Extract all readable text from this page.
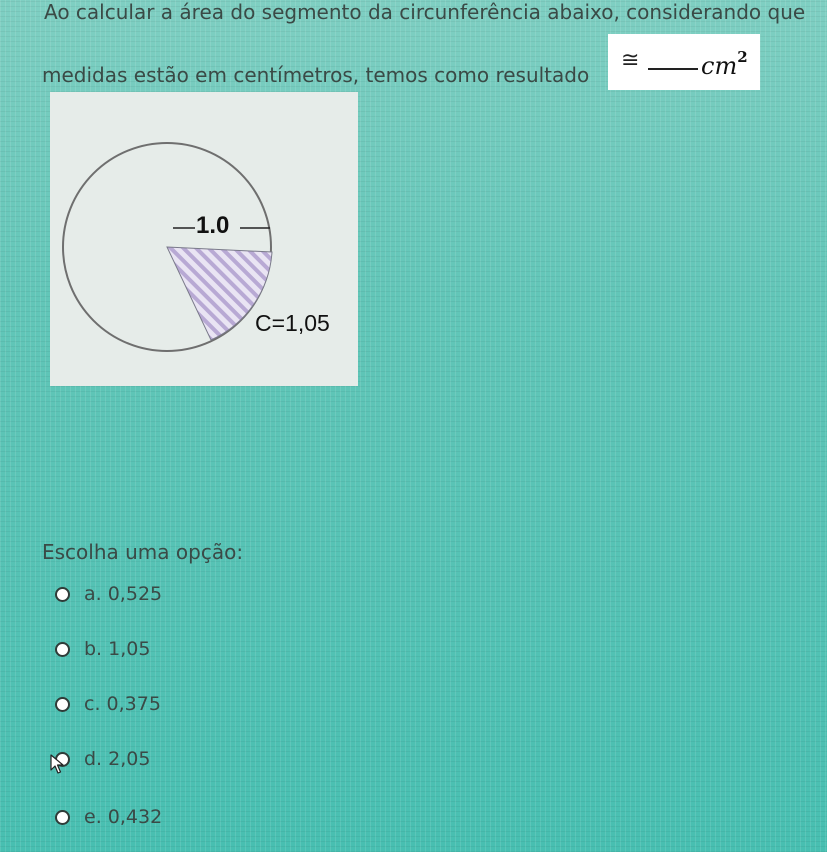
Ao calcular a área do segmento da circunferência abaixo, considerando que
medidas estão em centímetros, temos como resultado
≅	$cm^2$
1.0
C=1,05
Escolha uma opção:
a. 0,525
b. 1,05
c. 0,375
d. 2,05
e. 0,432
